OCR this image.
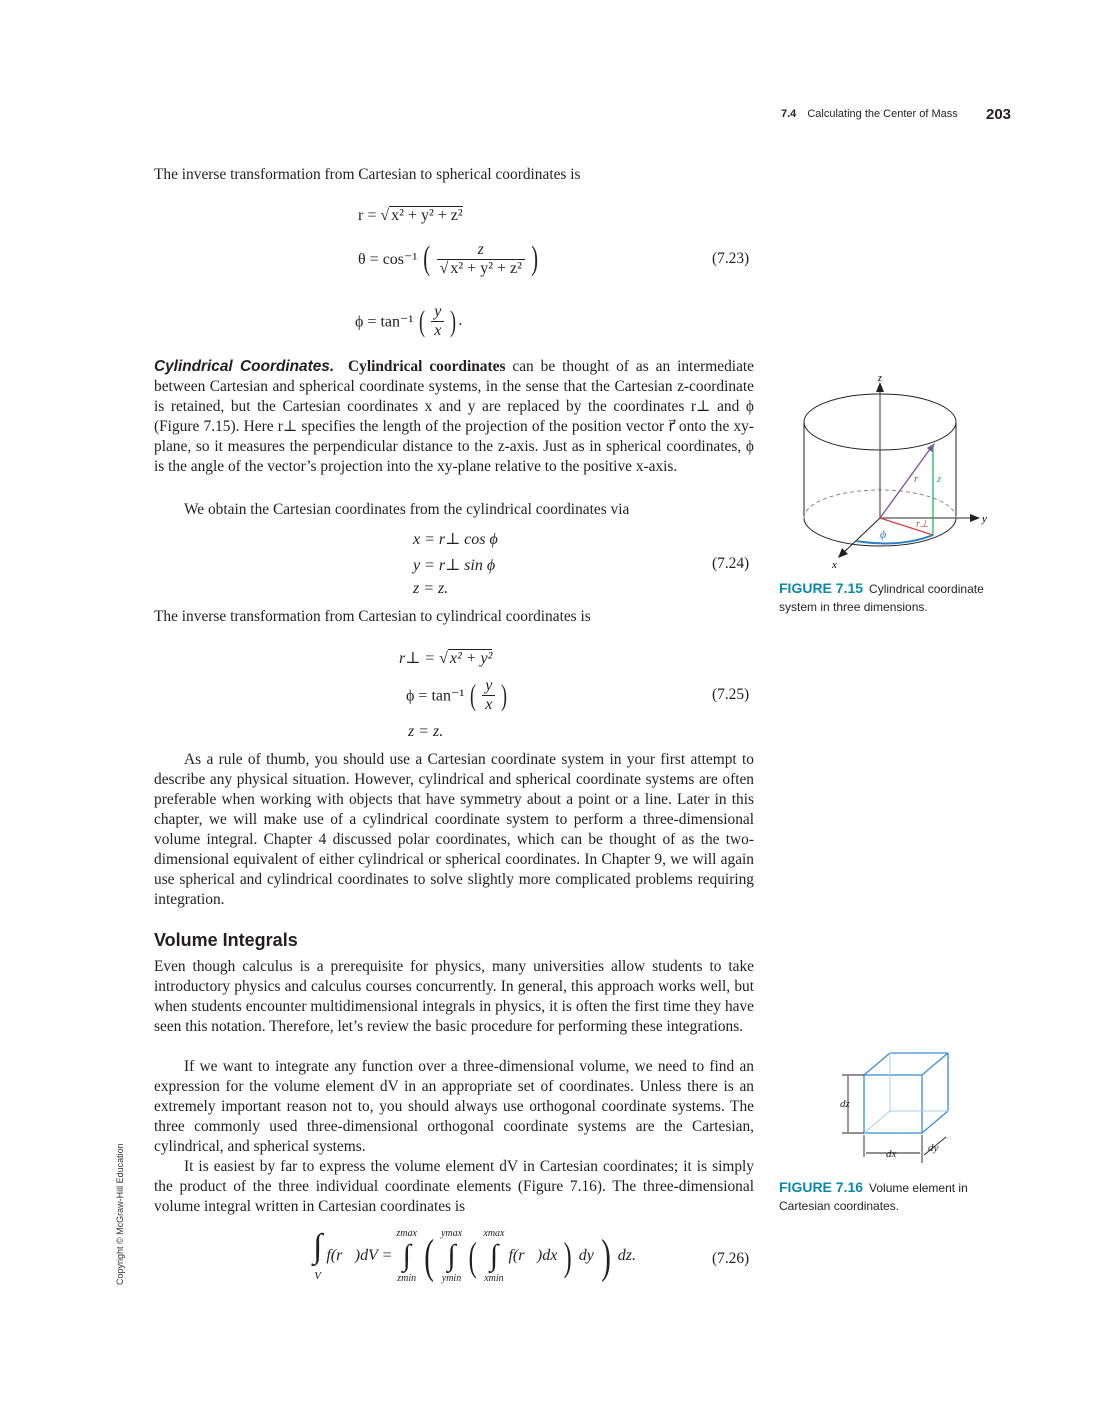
7.4 Calculating the Center of Mass 203
The inverse transformation from Cartesian to spherical coordinates is
r = √ x² + y² + z²
θ = cos⁻¹ ( $\frac{z}{\text{√ x² + y² + z²}}$ )	(7.23)
ϕ = tan⁻¹ ( $\frac{y}{x}$ ) .
Cylindrical Coordinates. Cylindrical coordinates can be thought of as an intermediate between Cartesian and spherical coordinate systems, in the sense that the Cartesian z-coordinate is retained, but the Cartesian coordinates x and y are replaced by the coordinates r⊥ and ϕ (Figure 7.15). Here r⊥ specifies the length of the projection of the position vector r⃗ onto the xy-plane, so it measures the perpendicular distance to the z-axis. Just as in spherical coordinates, ϕ is the angle of the vector’s projection into the xy-plane relative to the positive x-axis.
We obtain the Cartesian coordinates from the cylindrical coordinates via
x = r⊥ cos ϕ
y = r⊥ sin ϕ
z = z.
(7.24)
The inverse transformation from Cartesian to cylindrical coordinates is
r⊥ = √ x² + y²
ϕ = tan⁻¹ ( $\frac{y}{x}$ )	(7.25)
z = z.
As a rule of thumb, you should use a Cartesian coordinate system in your first attempt to describe any physical situation. However, cylindrical and spherical coordinate systems are often preferable when working with objects that have symmetry about a point or a line. Later in this chapter, we will make use of a cylindrical coordinate system to perform a three-dimensional volume integral. Chapter 4 discussed polar coordinates, which can be thought of as the two-dimensional equivalent of either cylindrical or spherical coordinates. In Chapter 9, we will again use spherical and cylindrical coordinates to solve slightly more complicated problems requiring integration.
Volume Integrals
Even though calculus is a prerequisite for physics, many universities allow students to take introductory physics and calculus courses concurrently. In general, this approach works well, but when students encounter multidimensional integrals in physics, it is often the first time they have seen this notation. Therefore, let’s review the basic procedure for performing these integrations.
If we want to integrate any function over a three-dimensional volume, we need to find an expression for the volume element dV in an appropriate set of coordinates. Unless there is an extremely important reason not to, you should always use orthogonal coordinate systems. The three commonly used three-dimensional orthogonal coordinate systems are the Cartesian, cylindrical, and spherical systems.
It is easiest by far to express the volume element dV in Cartesian coordinates; it is simply the product of the three individual coordinate elements (Figure 7.16). The three-dimensional volume integral written in Cartesian coordinates is
∫
V f(r⃗)dV = zmax
∫
zmin ( ymax
∫
ymin ( xmax
∫
xmin f(r⃗)dx ) dy ) dz.	(7.26)
z
y
x
r⃗ z
r⊥
ϕ
FIGURE 7.15 Cylindrical coordinate system in three dimensions.
dz
dx	dy
FIGURE 7.16 Volume element in Cartesian coordinates.
Copyright © McGraw-Hill Education
